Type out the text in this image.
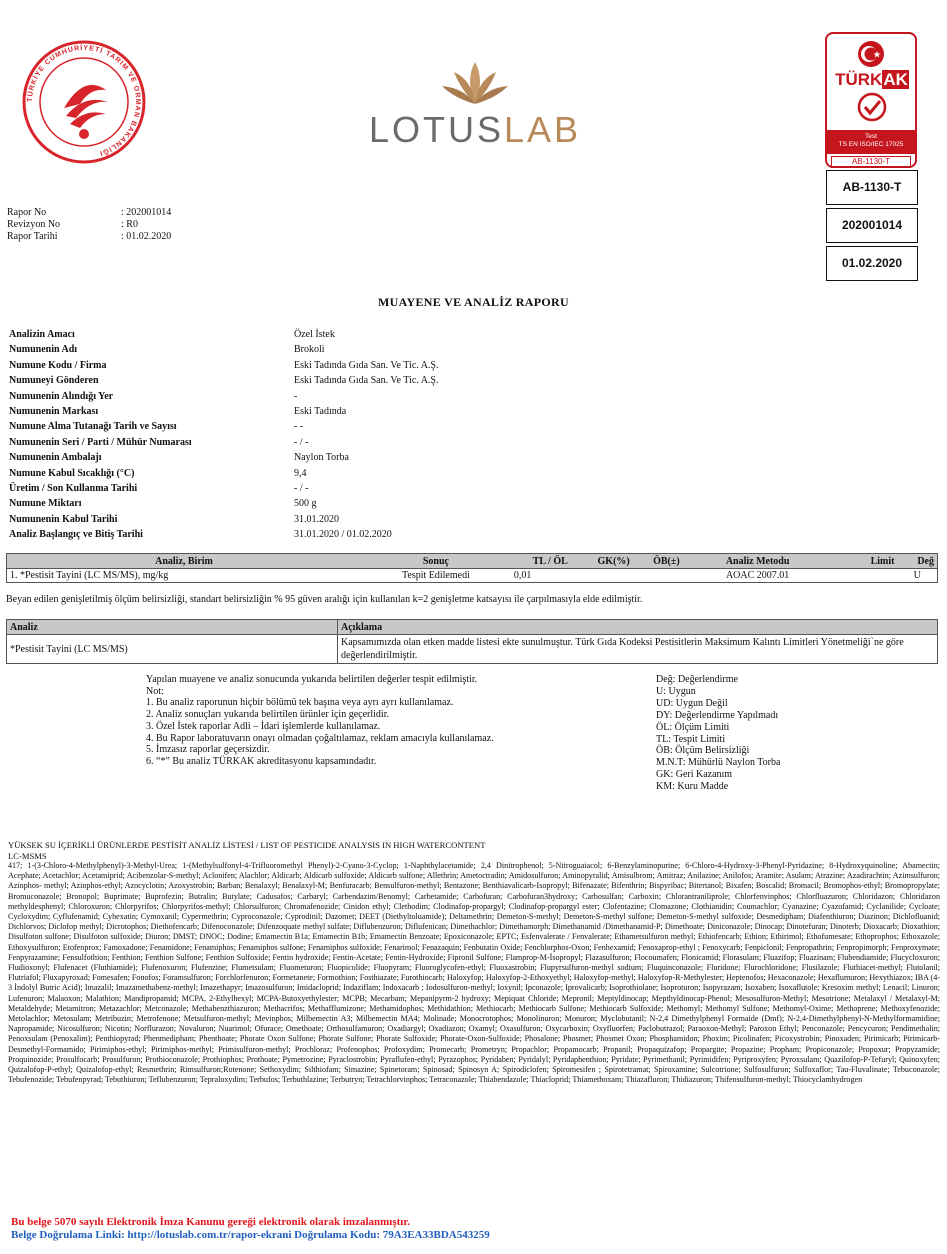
TÜRKİYE CUMHURİYETİ TARIM VE ORMAN BAKANLIĞI
LOTUSLAB
TÜRKAK
Test
TS EN ISO/IEC 17025
AB-1130-T
AB-1130-T
202001014
01.02.2020
Rapor No	: 202001014
Revizyon No	: R0
Rapor Tarihi	: 01.02.2020
MUAYENE VE ANALİZ RAPORU
Analizin Amacı	Özel İstek
Numunenin Adı	Brokoli
Numune Kodu / Firma	Eski Tadında Gıda San. Ve Tic. A.Ş.
Numuneyi Gönderen	Eski Tadında Gıda San. Ve Tic. A.Ş.
Numunenin Alındığı Yer	-
Numunenin Markası	Eski Tadında
Numune Alma Tutanağı Tarih ve Sayısı	- -
Numunenin Seri / Parti / Mühür Numarası	- / -
Numunenin Ambalajı	Naylon Torba
Numune Kabul Sıcaklığı (°C)	9,4
Üretim / Son Kullanma Tarihi	- / -
Numune Miktarı	500 g
Numunenin Kabul Tarihi	31.01.2020
Analiz Başlangıç ve Bitiş Tarihi	31.01.2020 / 01.02.2020
Analiz, Birim	Sonuç	TL / ÖL	GK(%)	ÖB(±)	Analiz Metodu	Limit	Değ
1. *Pestisit Tayini (LC MS/MS), mg/kg	Tespit Edilemedi	0,01			AOAC 2007.01		U
Beyan edilen genişletilmiş ölçüm belirsizliği, standart belirsizliğin % 95 güven aralığı için kullanılan k=2 genişletme katsayısı ile çarpılmasıyla elde edilmiştir.
Analiz	Açıklama
*Pestisit Tayini (LC MS/MS)	Kapsamımızda olan etken madde listesi ekte sunulmuştur. Türk Gıda Kodeksi Pestisitlerin Maksimum Kalıntı Limitleri Yönetmeliği`ne göre değerlendirilmiştir.
Yapılan muayene ve analiz sonucunda yukarıda belirtilen değerler tespit edilmiştir.
Not:
1. Bu analiz raporunun hiçbir bölümü tek başına veya ayrı ayrı kullanılamaz.
2. Analiz sonuçları yukarıda belirtilen ürünler için geçerlidir.
3. Özel İstek raporlar Adli – İdari işlemlerde kullanılamaz.
4. Bu Rapor laboratuvarın onayı olmadan çoğaltılamaz, reklam amacıyla kullanılamaz.
5. İmzasız raporlar geçersizdir.
6. “*” Bu analiz TÜRKAK akreditasyonu kapsamındadır.
Değ: Değerlendirme
U: Uygun
UD: Uygun Değil
DY: Değerlendirme Yapılmadı
ÖL: Ölçüm Limiti
TL: Tespit Limiti
ÖB: Ölçüm Belirsizliği
M.N.T: Mühürlü Naylon Torba
GK: Geri Kazanım
KM: Kuru Madde
YÜKSEK SU İÇERİKLİ ÜRÜNLERDE PESTİSİT ANALİZ LİSTESİ / LIST OF PESTICIDE ANALYSIS IN HIGH WATERCONTENT
LC-MSMS
417; 1-(3-Chloro-4-Methylphenyl)-3-Methyl-Urea; 1-(Methylsulfonyl-4-Trifluoromethyl Phenyl)-2-Cyano-3-Cyclop; 1-Naphthylacetamide; 2,4 Dinitrophenol; 5-Nitroguaiacol; 6-Benzylaminopurine; 6-Chloro-4-Hydroxy-3-Phenyl-Pyridazine; 8-Hydroxyquinoline; Abamectin; Acephate; Acetachlor; Acetamiprid; Acibenzolar-S-methyl; Aclonifen; Alachlor; Aldicarb; Aldicarb sulfoxide; Aldicarb sulfone; Allethrin; Ametoctradin; Amidosulfuron; Aminopyralid; Amisulbrom; Amitraz; Anilazine; Anilofos; Aramite; Asulam; Atrazine; Azadirachtin; Azimsulfuron; Azinphos- methyl; Azinphos-ethyl; Azocyclotin; Azoxystrobin; Barban; Benalaxyl; Benalaxyl-M; Benfuracarb; Bensulfuron-methyl; Bentazone; Benthiavalicarb-Isopropyl; Bifenazate; Bifenthrin; Bispyribac; Bitertanol; Bixafen; Boscalid; Bromacil; Bromophos-ethyl; Bromopropylate; Bromuconazole; Bronopol; Buprimate; Buprofezin; Butralin; Butylate; Cadusafos; Carbaryl; Carbendazim/Benomyl; Carbetamide; Carbofuran; Carbofuran3hydroxy; Carbosulfan; Carboxin; Chlorantraniliprole; Chlorfenvinphos; Chlorfluazuron; Chloridazon; Chloridazon methyldesphenyl; Chloroxuron; Chlorpyrifos; Chlorpyrifos-methyl; Chlorsulfuron; Chromafenozide; Cinidon ethyl; Clethodim; Clodinafop-propargyl; Clodinafop-propargyl ester; Clofentazine; Clomazone; Clothianidin; Coumachlor; Cyanazine; Cyazofamid; Cyclanilide; Cycloate; Cycloxydim; Cyflufenamid; Cyhexatin; Cymoxanil; Cypermethrin; Cyproconazole; Cyprodinil; Dazomet; DEET (Diethyltoluamide); Deltamethrin; Demeton-S-methyl; Demeton-S-methyl sulfone; Demeton-S-methyl sulfoxide; Desmedipham; Diafenthiuron; Diazinon; Dichlofluanid; Dichlorvos; Diclofop methyl; Dicrotophos; Diethofencarb; Difenoconazole; Difenzoquate methyl sulfate; Diflubenzuron; Diflufenican; Dimethachlor; Dimethamorph; Dimethanamid /Dimethanamid-P; Dimethoate; Diniconazole; Dinocap; Dinotefuran; Dinoterb; Dioxacarb; Dioxathion; Disulfoton sulfone; Disulfoton sulfoxide; Diuron; DMST; DNOC; Dodine; Emamectin B1a; Emamectin B1b; Emamectin Benzoate; Epoxiconazole; EPTC; Esfenvalerate / Fenvalerate; Ethametsulfuron methyl; Ethiofencarb; Ethion; Ethirimol; Ethofumesate; Ethoprophos; Ethoxazole; Ethoxysulfuron; Etofenprox; Famoxadone; Fenamidone; Fenamiphos; Fenamiphos sulfone; Fenamiphos sulfoxide; Fenarimol; Fenazaquin; Fenbutatin Oxide; Fenchlorphos-Oxon; Fenhexamid; Fenoxaprop-ethyl ; Fenoxycarb; Fenpiclonil; Fenpropathrin; Fenpropimorph; Fenproxymate; Fenpyrazamine; Fensulfothion; Fenthion; Fenthion Sulfone; Fenthion Sulfoxide; Fentin hydroxide; Fentin-Acetate; Fentin-Hydroxide; Fipronil Sulfone; Flamprop-M-İsopropyl; Flazasulfuron; Flocoumafen; Flonicamid; Florasulam; Fluazifop; Fluazinam; Flubendiamide; Flucycloxuron; Fludioxonyl; Flufenacet (Fluthiamide); Flufenoxuron; Flufenzine; Flumetsulam; Fluometuron; Fluopicolide; Fluopyram; Fluoroglycofen-ethyl; Fluoxastrobin; Flupyrsulfuron-methyl sodium; Fluquinconazole; Fluridone; Flurochloridone; Flusilazole; Fluthiacet-methyl; Flutolanil; Flutriafol; Fluxapyroxad; Fomesafen; Fonofos; Foramsulfuron; Forchlorfenuron; Formetanete; Formothion; Fosthiazate; Furothiocarb; Haloxyfop; Haloxyfop-2-Ethoxyethyl; Haloxyfop-methyl; Haloxyfop-R-Methylester; Heptenofos; Hexaconazole; Hexaflumuron; Hexythiazox; IBA (4-3 İndolyl Butric Acid); Imazalil; Imazamethabenz-methyl; Imazethapyr; Imazosulfuron; Imidacloprid; Indaziflam; Indoxacarb ; Iodosulfuron-methyl; Ioxynil; Ipconazole; Iprovalicarb; Isoprothiolane; Isoproturon; Isopyrazam; Isoxaben; Isoxaflutole; Kresoxim methyl; Lenacil; Linuron; Lufenuron; Malaoxon; Malathion; Mandipropamid; MCPA, 2-Ethylhexyl; MCPA-Butoxyethylester; MCPB; Mecarbam; Mepanipyrm-2 hydroxy; Mepiquat Chloride; Mepronil; Meptyldinocap; Mepthyldinocap-Phenol; Mesosulfuron-Methyl; Mesotrione; Metalaxyl / Metalaxyl-M; Metaldehyde; Metamitron; Metazachlor; Metconazole; Methabenzthiazuron; Methacrifos; Methafflumizone; Methamidophos; Methidathion; Methiocarb; Methiocarb Sulfone; Methiocarb Sulfoxide; Methomyl; Methomyl Sulfone; Methomyl-Oxime; Methoprene; Methoxyfenozide; Metolachlor; Metosulam; Metribuzin; Metrofenone; Metsulfuron-methyl; Mevinphos; Milbemectin A3; Milbemectin MA4; Molinade; Monocrotophos; Monolinuron; Monuron; Myclobutanil; N-2,4 Dimethylphenyl Formaide (Dmf); N-2,4-Dimethylphenyl-N-Methylformamidine; Napropamide; Nicosulfuron; Nicotin; Norflurazon; Novaluron; Nuarimol; Ofurace; Omethoate; Orthosulfamuron; Oxadiargyl; Oxadiazon; Oxamyl; Oxasulfuron; Oxycarboxin; Oxyfluorfen; Paclobutrazol; Paraoxon-Methyl; Paroxon Ethyl; Penconazole; Pencycuron; Pendimethalin; Penoxsulam (Penoxalim); Penthiopyrad; Phenmedipham; Phenthoate; Phorate Oxon Sulfone; Phorate Sulfone; Phorate Sulfoxide; Phorate-Oxon-Sulfoxide; Phosalone; Phosmet; Phosmet Oxon; Phosphamidon; Phoxim; Picolinafen; Picoxystrobin; Pinoxaden; Pirimicarb; Pirimicarb-Desmethyl-Formamido; Pirimiphos-ethyl; Pirimiphos-methyl; Primisulfuron-methyl; Prochloraz; Profenophos; Profoxydim; Promecarb; Prometryn; Propachlor; Propamocarb; Propanil; Propaquizafop; Propargite; Propazine; Propham; Propiconazole; Propoxur; Propyzamide; Proquinozide; Prosulfocarb; Prosulfuron; Prothioconazole; Prothiophos; Prothoate; Pymetrozine; Pyraclostrobin; Pyraflufen-ethyl; Pyrazophos; Pyridaben; Pyridalyl; Pyridaphenthion; Pyridate; Pyrimethanil; Pyrimidifen; Pyriproxyfen; Pyroxsulam; Quazilofop-P-Tefuryl; Quinoxyfen; Quizalofop-P-ethyl; Quizalofop-ethyl; Resmethrin; Rimsulfuron;Rotenone; Sethoxydim; Silthiofam; Simazine; Spinetoram; Spinosad; Spinosyn A; Spirodiclofen; Spiromesifen ; Spirotetramat; Spiroxamine; Sulcotrione; Sulfosulfuron; Sulfoxaflor; Tau-Fluvalinate; Tebuconazole; Tebufenozide; Tebufenpyrad; Tebuthiuron; Teflubenzuron; Tepraloxydim; Terbufos; Terbuthlazine; Terbutryn; Tetrachlorvinphos; Tetraconazole; Thiabendazole; Thiacloprid; Thiamethoxam; Thiazafluron; Thidiazuron; Thifensulfuron-methyl; Thiocyclamhydrogen
Bu belge 5070 sayılı Elektronik İmza Kanunu gereği elektronik olarak imzalanmıştır.
Belge Doğrulama Linki: http://lotuslab.com.tr/rapor-ekrani Doğrulama Kodu: 79A3EA33BDA543259
